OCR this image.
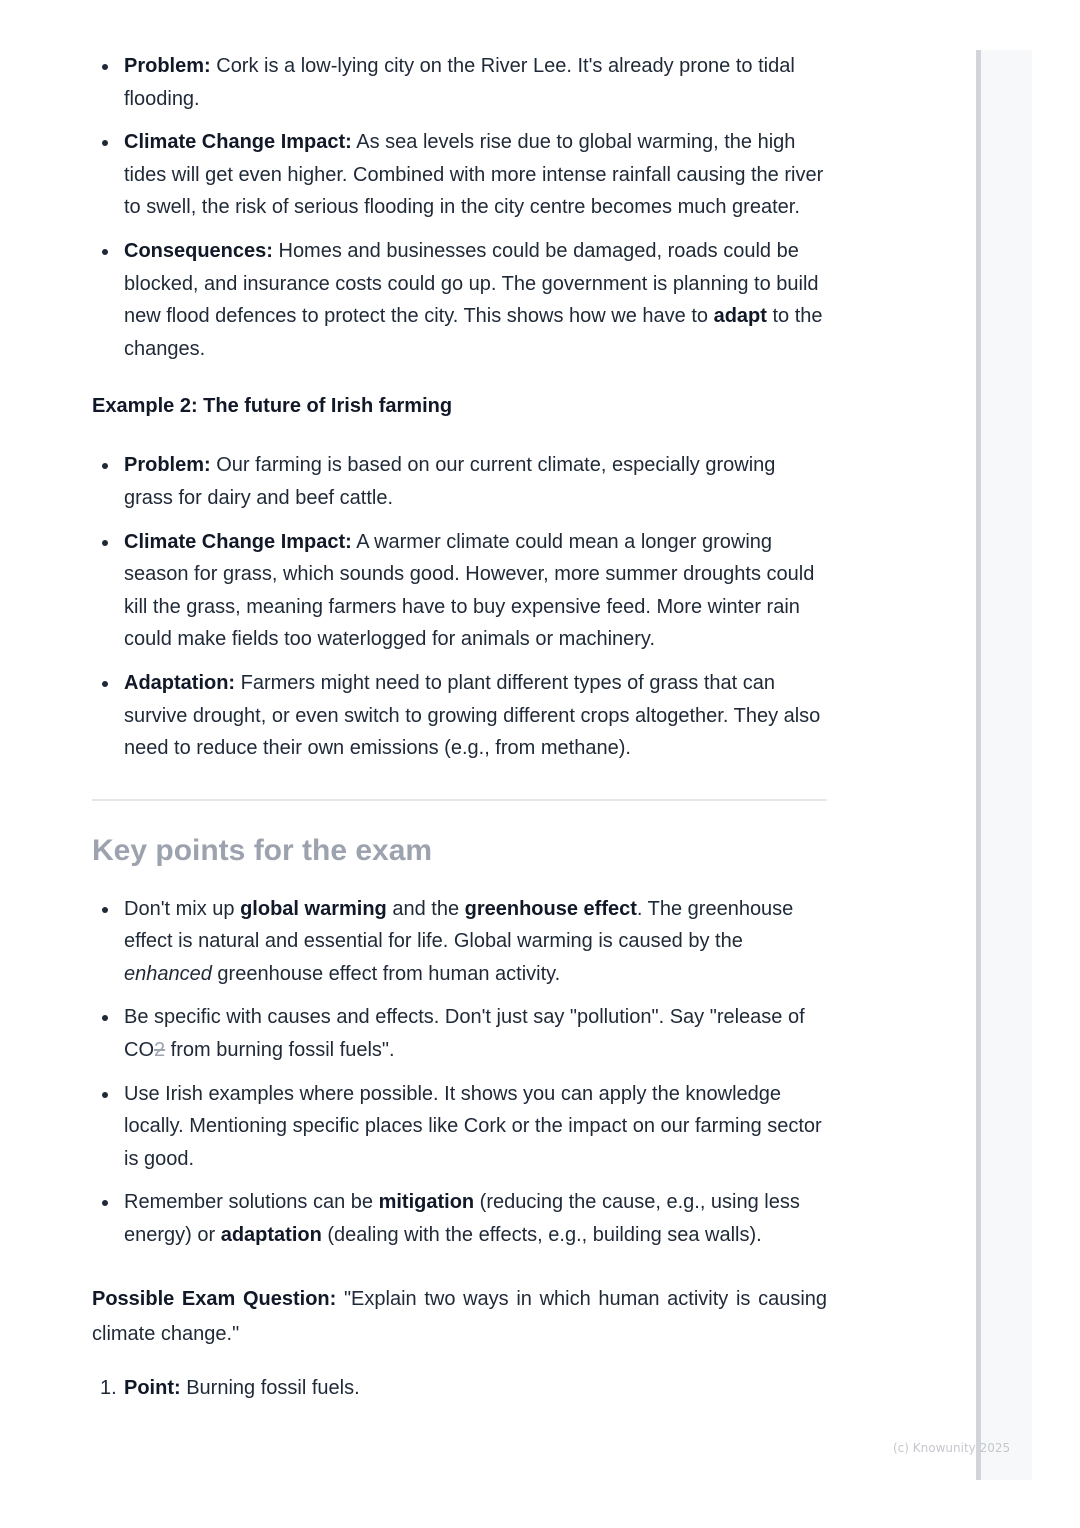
Problem: Cork is a low-lying city on the River Lee. It's already prone to tidal flooding.
Climate Change Impact: As sea levels rise due to global warming, the high tides will get even higher. Combined with more intense rainfall causing the river to swell, the risk of serious flooding in the city centre becomes much greater.
Consequences: Homes and businesses could be damaged, roads could be blocked, and insurance costs could go up. The government is planning to build new flood defences to protect the city. This shows how we have to adapt to the changes.
Example 2: The future of Irish farming
Problem: Our farming is based on our current climate, especially growing grass for dairy and beef cattle.
Climate Change Impact: A warmer climate could mean a longer growing season for grass, which sounds good. However, more summer droughts could kill the grass, meaning farmers have to buy expensive feed. More winter rain could make fields too waterlogged for animals or machinery.
Adaptation: Farmers might need to plant different types of grass that can survive drought, or even switch to growing different crops altogether. They also need to reduce their own emissions (e.g., from methane).
Key points for the exam
Don't mix up global warming and the greenhouse effect. The greenhouse effect is natural and essential for life. Global warming is caused by the enhanced greenhouse effect from human activity.
Be specific with causes and effects. Don't just say "pollution". Say "release of CO2 from burning fossil fuels".
Use Irish examples where possible. It shows you can apply the knowledge locally. Mentioning specific places like Cork or the impact on our farming sector is good.
Remember solutions can be mitigation (reducing the cause, e.g., using less energy) or adaptation (dealing with the effects, e.g., building sea walls).
Possible Exam Question: "Explain two ways in which human activity is causing climate change."
1. Point: Burning fossil fuels.
(c) Knowunity 2025
